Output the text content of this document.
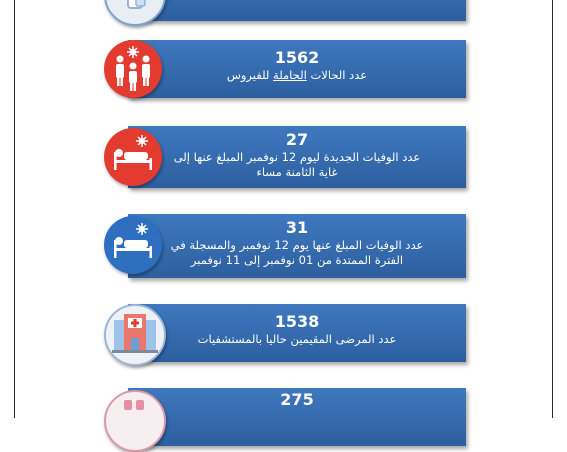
1562
عدد الحالات الحاملة للفيروس
27
عدد الوفيات الجديدة ليوم 12 نوفمبر المبلغ عنها إلى
غاية الثامنة مساء
31
عدد الوفيات المبلغ عنها يوم 12 نوفمبر والمسجلة في
الفترة الممتدة من 01 نوفمبر إلى 11 نوفمبر
1538
عدد المرضى المقيمين حاليا بالمستشفيات
275
